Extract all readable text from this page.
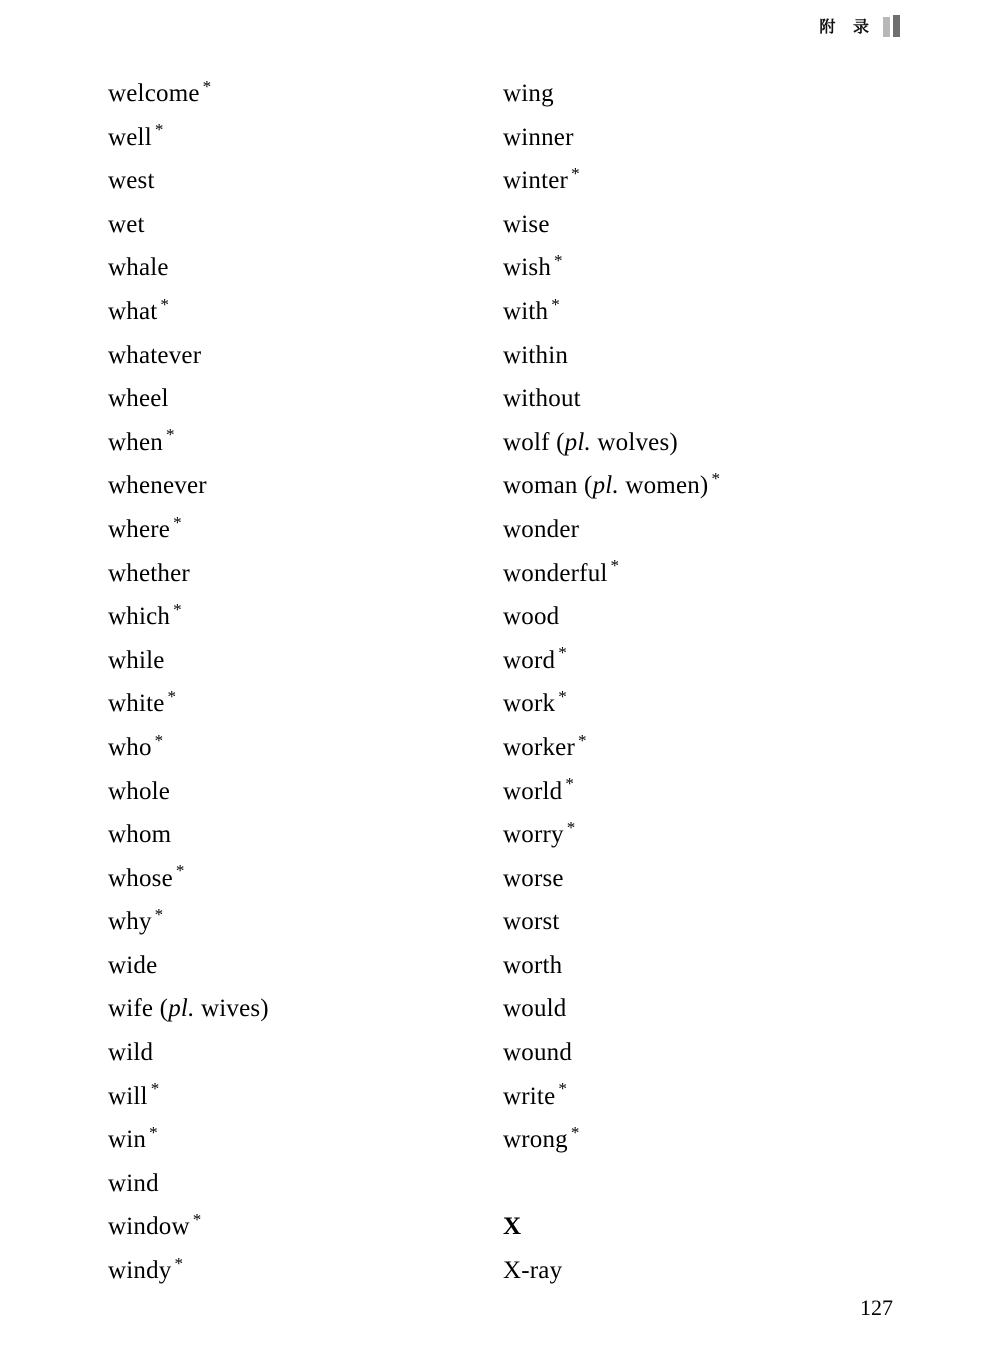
附 录
welcome *
well *
west
wet
whale
what *
whatever
wheel
when *
whenever
where *
whether
which *
while
white *
who *
whole
whom
whose *
why *
wide
wife (pl. wives)
wild
will *
win *
wind
window *
windy *
wing
winner
winter *
wise
wish *
with *
within
without
wolf (pl. wolves)
woman (pl. women) *
wonder
wonderful *
wood
word *
work *
worker *
world *
worry *
worse
worst
worth
would
wound
write *
wrong *
X
X-ray
127
